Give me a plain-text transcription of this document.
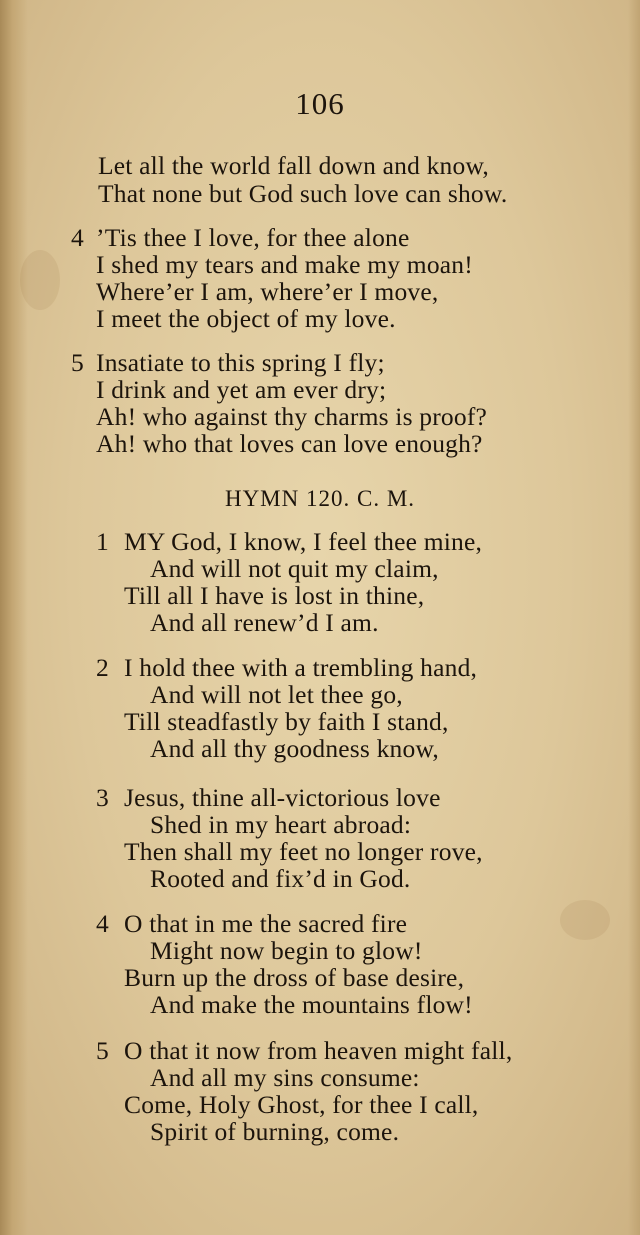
106
Let all the world fall down and know,
That none but God such love can show.
4 ’Tis thee I love, for thee alone
I shed my tears and make my moan!
Where’er I am, where’er I move,
I meet the object of my love.
5 Insatiate to this spring I fly;
I drink and yet am ever dry;
Ah! who against thy charms is proof?
Ah! who that loves can love enough?
HYMN 120. C. M.
1 MY God, I know, I feel thee mine,
And will not quit my claim,
Till all I have is lost in thine,
And all renew’d I am.
2 I hold thee with a trembling hand,
And will not let thee go,
Till steadfastly by faith I stand,
And all thy goodness know,
3 Jesus, thine all-victorious love
Shed in my heart abroad:
Then shall my feet no longer rove,
Rooted and fix’d in God.
4 O that in me the sacred fire
Might now begin to glow!
Burn up the dross of base desire,
And make the mountains flow!
5 O that it now from heaven might fall,
And all my sins consume:
Come, Holy Ghost, for thee I call,
Spirit of burning, come.
